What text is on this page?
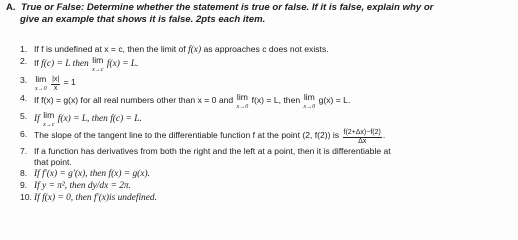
A. True or False: Determine whether the statement is true or false. If it is false, explain why or
give an example that shows it is false. 2pts each item.
1. If f is undefined at x = c, then the limit of f(x) as approaches c does not exists.
2. If f(c) = L then lim
x→c f(x) = L.
3. lim
$x\to 0 \frac{|x|}{x} = 1$
4. If f(x) = g(x) for all real numbers other than x = 0 and lim
x→0 f(x) = L, then lim
x→0 g(x) = L.
5. If lim
x→c f(x) = L, then f(c) = L.
6. The slope of the tangent line to the differentiable function f at the point (2, f(2)) is $\frac{f(2+\Delta x)-f(2)}{\Delta x}$ .
7. If a function has derivatives from both the right and the left at a point, then it is differentiable at
that point.
8. If f′(x) = g′(x), then f(x) = g(x).
9. If y = π², then dy/dx = 2π.
10. If f(x) = 0, then f′(x)is undefined.
